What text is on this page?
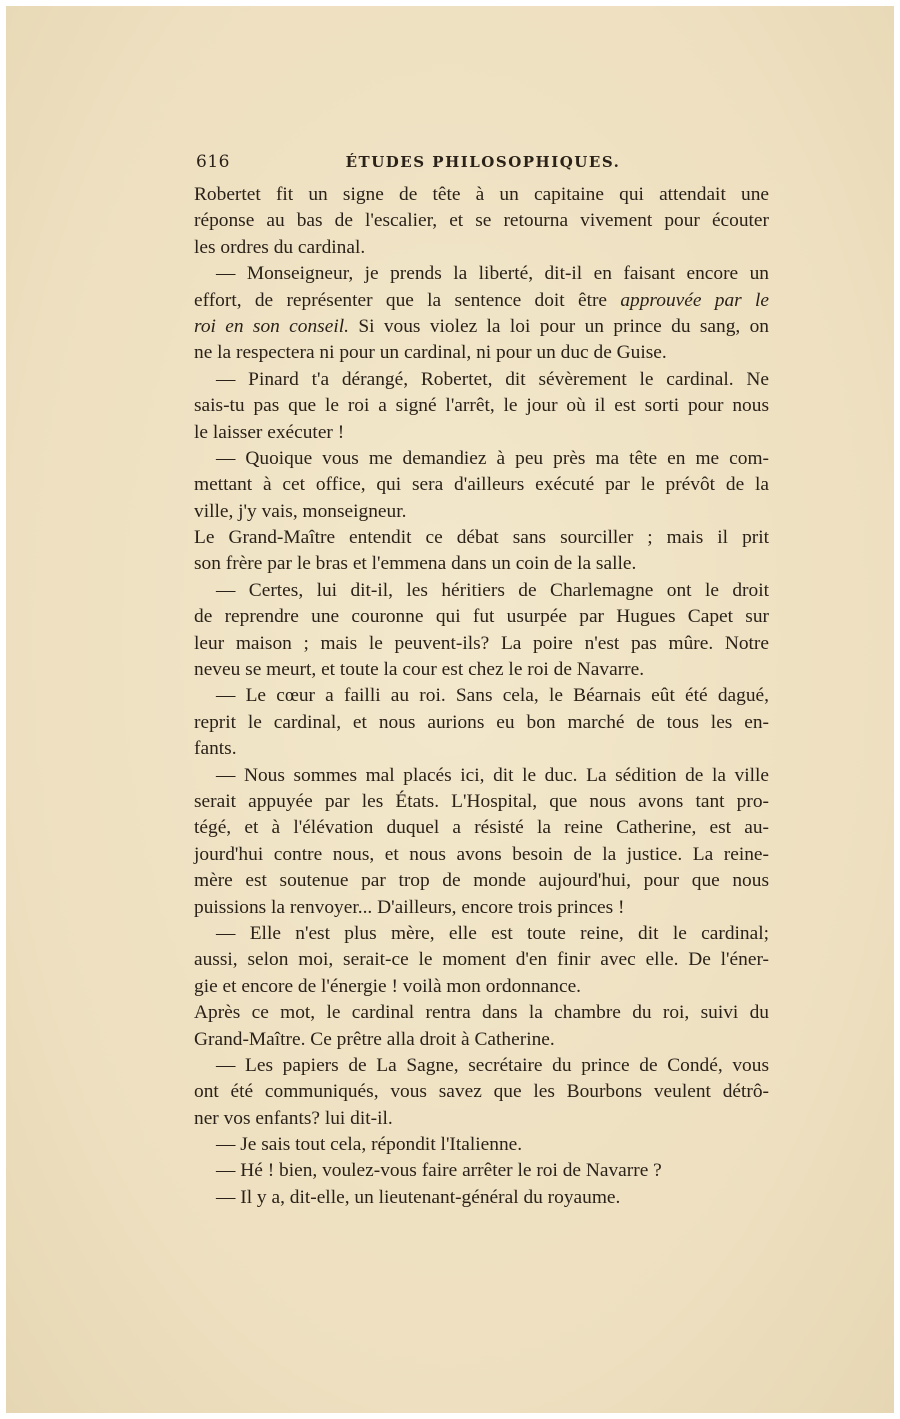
616	ÉTUDES PHILOSOPHIQUES.
Robertet fit un signe de tête à un capitaine qui attendait une
réponse au bas de l'escalier, et se retourna vivement pour écouter
les ordres du cardinal.
— Monseigneur, je prends la liberté, dit-il en faisant encore un
effort, de représenter que la sentence doit être approuvée par le
roi en son conseil. Si vous violez la loi pour un prince du sang, on
ne la respectera ni pour un cardinal, ni pour un duc de Guise.
— Pinard t'a dérangé, Robertet, dit sévèrement le cardinal. Ne
sais-tu pas que le roi a signé l'arrêt, le jour où il est sorti pour nous
le laisser exécuter !
— Quoique vous me demandiez à peu près ma tête en me com-
mettant à cet office, qui sera d'ailleurs exécuté par le prévôt de la
ville, j'y vais, monseigneur.
Le Grand-Maître entendit ce débat sans sourciller ; mais il prit
son frère par le bras et l'emmena dans un coin de la salle.
— Certes, lui dit-il, les héritiers de Charlemagne ont le droit
de reprendre une couronne qui fut usurpée par Hugues Capet sur
leur maison ; mais le peuvent-ils? La poire n'est pas mûre. Notre
neveu se meurt, et toute la cour est chez le roi de Navarre.
— Le cœur a failli au roi. Sans cela, le Béarnais eût été dagué,
reprit le cardinal, et nous aurions eu bon marché de tous les en-
fants.
— Nous sommes mal placés ici, dit le duc. La sédition de la ville
serait appuyée par les États. L'Hospital, que nous avons tant pro-
tégé, et à l'élévation duquel a résisté la reine Catherine, est au-
jourd'hui contre nous, et nous avons besoin de la justice. La reine-
mère est soutenue par trop de monde aujourd'hui, pour que nous
puissions la renvoyer... D'ailleurs, encore trois princes !
— Elle n'est plus mère, elle est toute reine, dit le cardinal;
aussi, selon moi, serait-ce le moment d'en finir avec elle. De l'éner-
gie et encore de l'énergie ! voilà mon ordonnance.
Après ce mot, le cardinal rentra dans la chambre du roi, suivi du
Grand-Maître. Ce prêtre alla droit à Catherine.
— Les papiers de La Sagne, secrétaire du prince de Condé, vous
ont été communiqués, vous savez que les Bourbons veulent détrô-
ner vos enfants? lui dit-il.
— Je sais tout cela, répondit l'Italienne.
— Hé ! bien, voulez-vous faire arrêter le roi de Navarre ?
— Il y a, dit-elle, un lieutenant-général du royaume.
